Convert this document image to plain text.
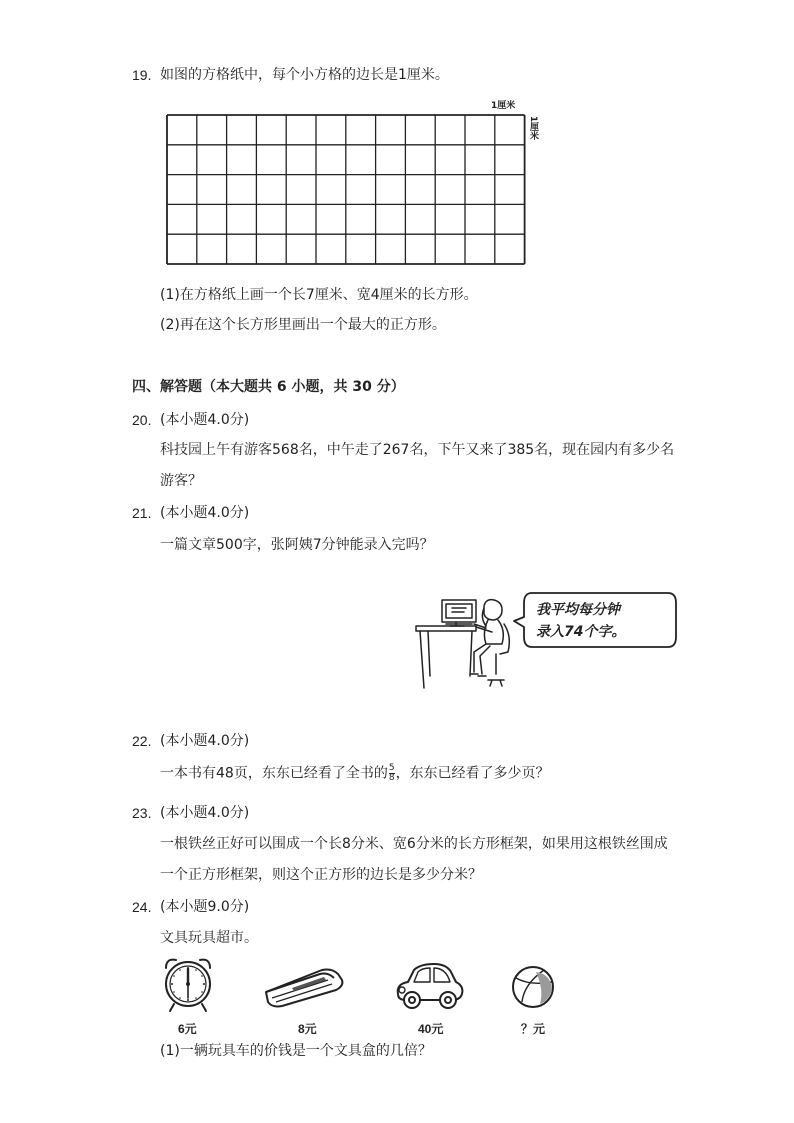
19. 如图的方格纸中，每个小方格的边长是1厘米。
1厘米
1厘米
(1)在方格纸上画一个长7厘米、宽4厘米的长方形。
(2)再在这个长方形里画出一个最大的正方形。
四、解答题（本大题共 6 小题，共 30 分）
20. (本小题4.0分)
科技园上午有游客568名，中午走了267名，下午又来了385名，现在园内有多少名
游客？
21. (本小题4.0分)
一篇文章500字，张阿姨7分钟能录入完吗？
我平均每分钟
录入74个字。
22. (本小题4.0分)
一本书有48页，东东已经看了全书的 $\frac{5}{8}$ ，东东已经看了多少页？
23. (本小题4.0分)
一根铁丝正好可以围成一个长8分米、宽6分米的长方形框架，如果用这根铁丝围成
一个正方形框架，则这个正方形的边长是多少分米？
24. (本小题9.0分)
文具玩具超市。
6元	8元	40元	？元
(1)一辆玩具车的价钱是一个文具盒的几倍？
